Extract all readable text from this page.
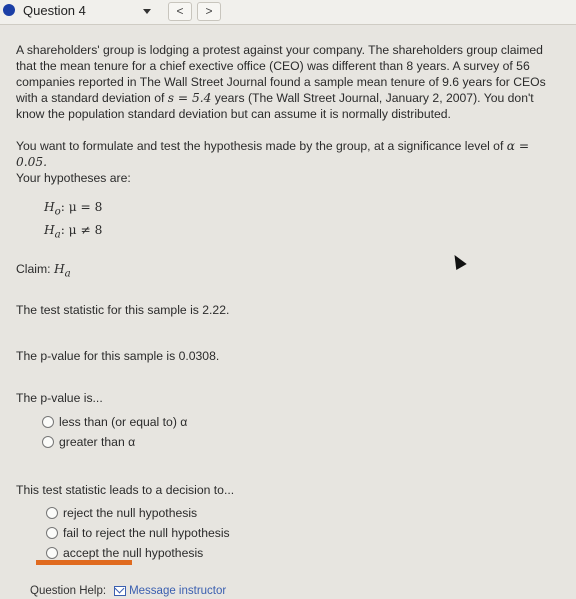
Question 4	<	>
A shareholders' group is lodging a protest against your company. The shareholders group claimed that the mean tenure for a chief exective office (CEO) was different than 8 years. A survey of 56 companies reported in The Wall Street Journal found a sample mean tenure of 9.6 years for CEOs with a standard deviation of s = 5.4 years (The Wall Street Journal, January 2, 2007). You don't know the population standard deviation but can assume it is normally distributed.
You want to formulate and test the hypothesis made by the group, at a significance level of α = 0.05.
Your hypotheses are:
$H_o$: μ = 8
$H_a$: μ ≠ 8
Claim: $H_a$
The test statistic for this sample is 2.22.
The p-value for this sample is 0.0308.
The p-value is...
less than (or equal to) α
greater than α
This test statistic leads to a decision to...
reject the null hypothesis
fail to reject the null hypothesis
accept the null hypothesis
Question Help: Message instructor
